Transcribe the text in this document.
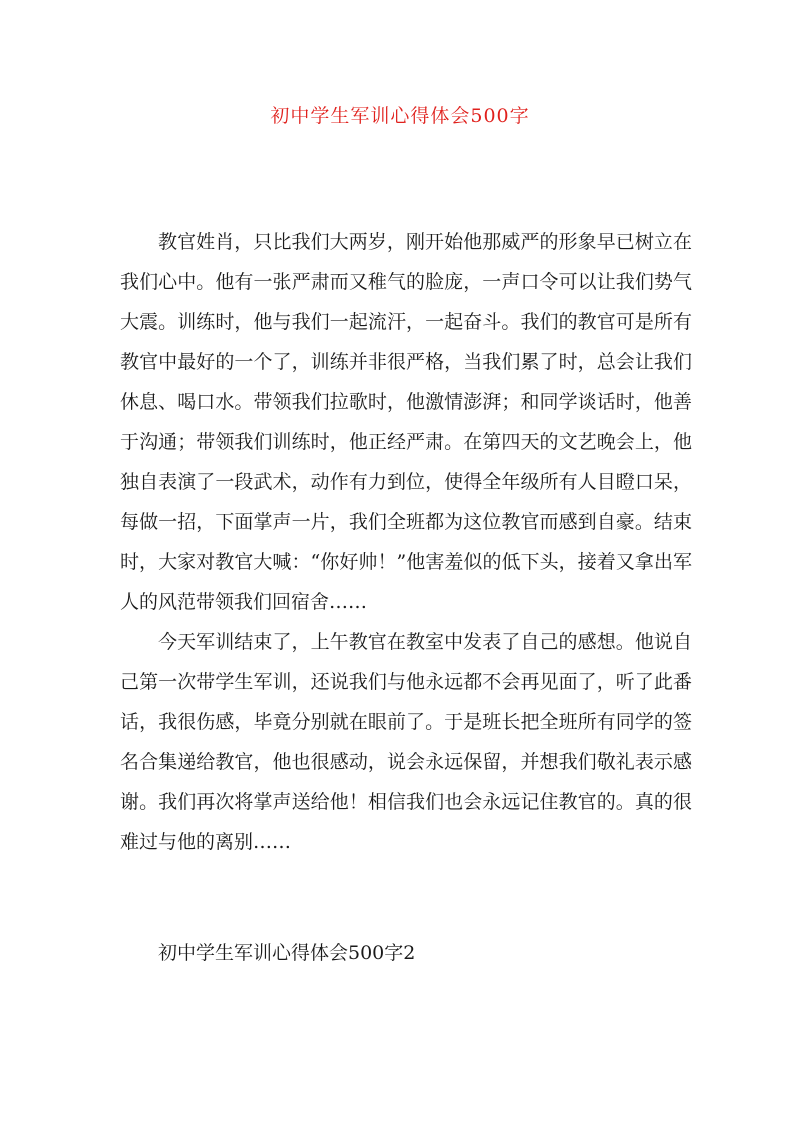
初中学生军训心得体会500字

教官姓肖，只比我们大两岁，刚开始他那威严的形象早已树立在我们心中。他有一张严肃而又稚气的脸庞，一声口令可以让我们势气大震。训练时，他与我们一起流汗，一起奋斗。我们的教官可是所有教官中最好的一个了，训练并非很严格，当我们累了时，总会让我们休息、喝口水。带领我们拉歌时，他激情澎湃；和同学谈话时，他善于沟通；带领我们训练时，他正经严肃。在第四天的文艺晚会上，他独自表演了一段武术，动作有力到位，使得全年级所有人目瞪口呆，每做一招，下面掌声一片，我们全班都为这位教官而感到自豪。结束时，大家对教官大喊：“你好帅！”他害羞似的低下头，接着又拿出军人的风范带领我们回宿舍……

今天军训结束了，上午教官在教室中发表了自己的感想。他说自己第一次带学生军训，还说我们与他永远都不会再见面了，听了此番话，我很伤感，毕竟分别就在眼前了。于是班长把全班所有同学的签名合集递给教官，他也很感动，说会永远保留，并想我们敬礼表示感谢。我们再次将掌声送给他！相信我们也会永远记住教官的。真的很难过与他的离别……

初中学生军训心得体会500字2
